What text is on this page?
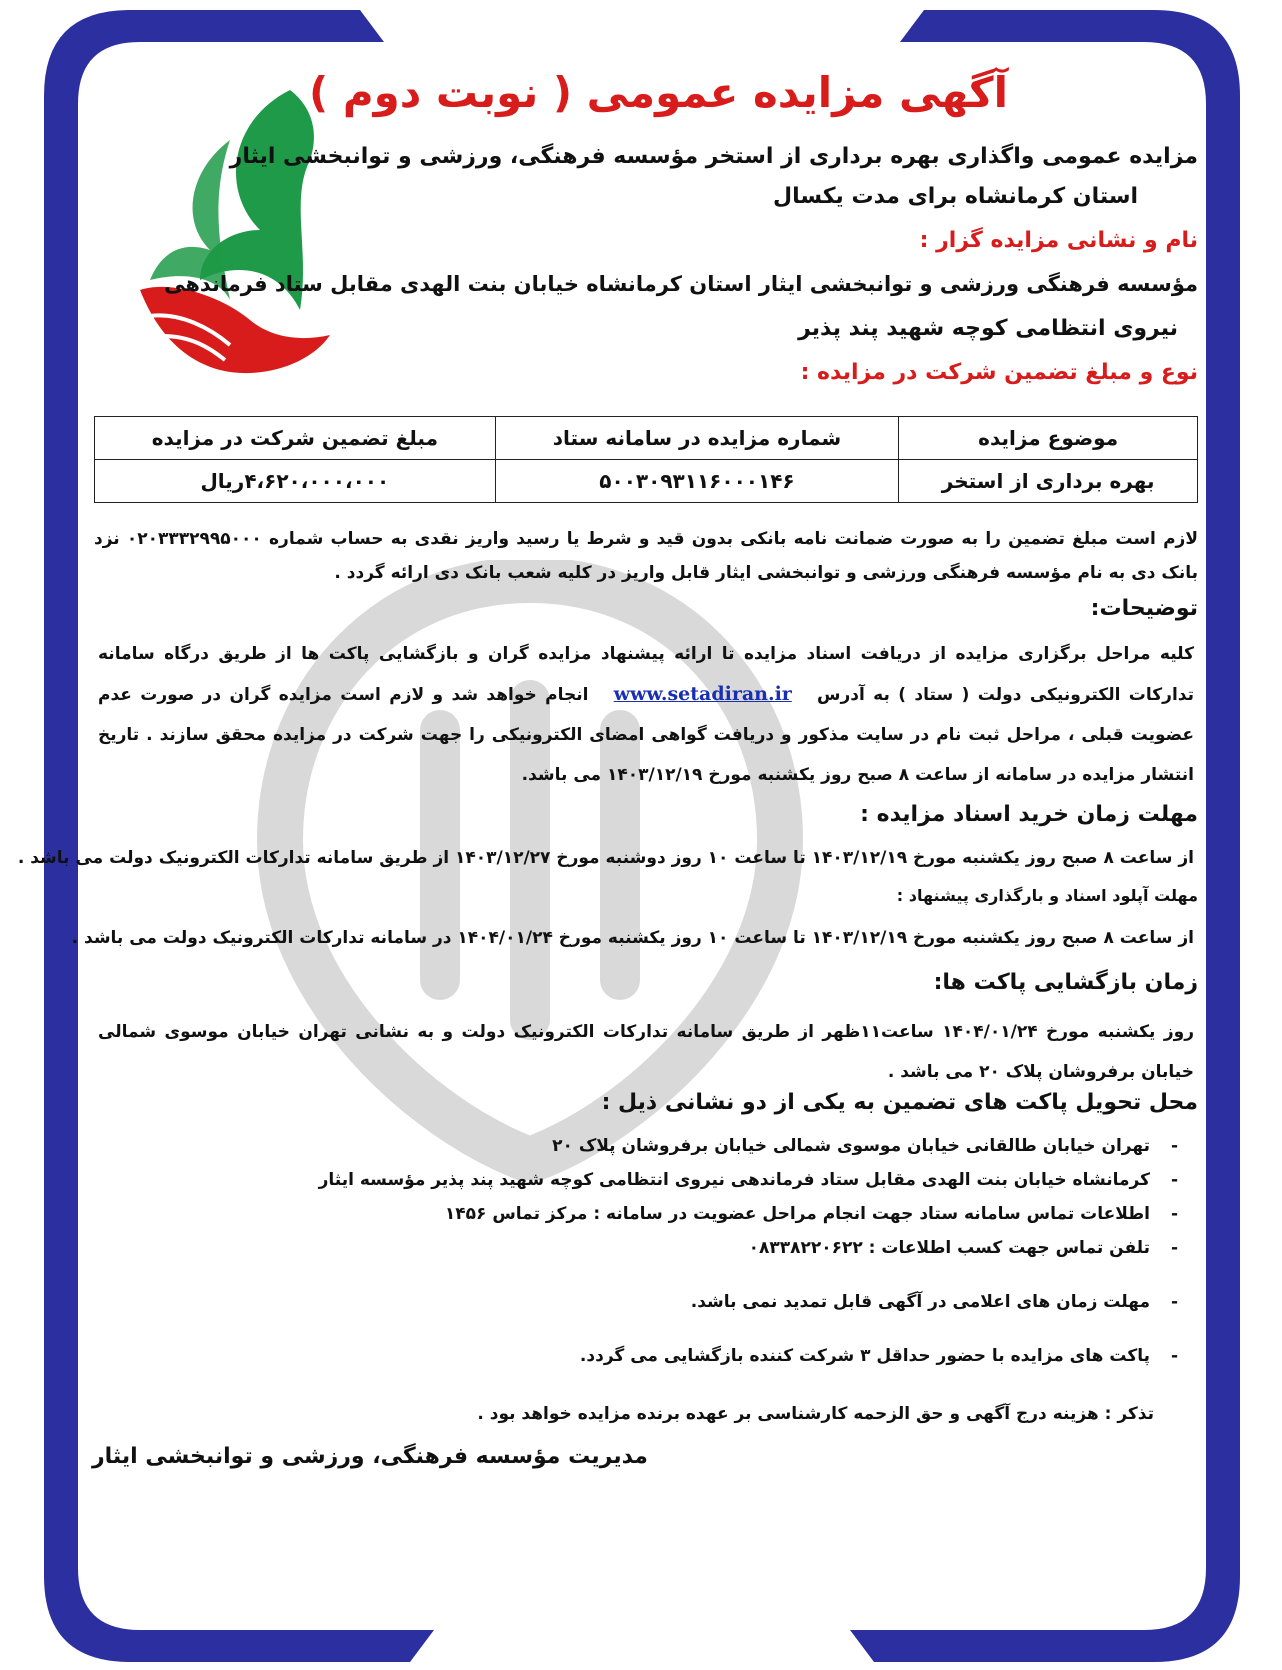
آگهی مزایده عمومی ( نوبت دوم )
مزایده عمومی واگذاری بهره برداری از استخر مؤسسه فرهنگی، ورزشی و توانبخشی ایثار
استان کرمانشاه برای مدت یکسال
نام و نشانی مزایده گزار :
مؤسسه فرهنگی ورزشی و توانبخشی ایثار استان کرمانشاه خیابان بنت الهدی مقابل ستاد فرماندهی
نیروی انتظامی کوچه شهید پند پذیر
نوع و مبلغ تضمین شرکت در مزایده :
موضوع مزایده	شماره مزایده در سامانه ستاد	مبلغ تضمین شرکت در مزایده
بهره برداری از استخر	۵۰۰۳۰۹۳۱۱۶۰۰۰۱۴۶	۴،۶۲۰،۰۰۰،۰۰۰ریال
لازم است مبلغ تضمین را به صورت ضمانت نامه بانکی بدون قید و شرط یا رسید واریز نقدی به حساب شماره ۰۲۰۳۳۳۲۹۹۵۰۰۰ نزد بانک دی به نام مؤسسه فرهنگی ورزشی و توانبخشی ایثار قابل واریز در کلیه شعب بانک دی ارائه گردد .
توضیحات:
کلیه مراحل برگزاری مزایده از دریافت اسناد مزایده تا ارائه پیشنهاد مزایده گران و بازگشایی پاکت ها از طریق درگاه سامانه تدارکات الکترونیکی دولت ( ستاد ) به آدرس   www.setadiran.ir   انجام خواهد شد و لازم است مزایده گران در صورت عدم عضویت قبلی ، مراحل ثبت نام در سایت مذکور و دریافت گواهی امضای الکترونیکی را جهت شرکت در مزایده محقق سازند . تاریخ انتشار مزایده در سامانه از ساعت ۸ صبح روز یکشنبه مورخ ۱۴۰۳/۱۲/۱۹ می باشد.
مهلت زمان خرید اسناد مزایده :
از ساعت ۸ صبح روز یکشنبه مورخ ۱۴۰۳/۱۲/۱۹ تا ساعت ۱۰ روز دوشنبه مورخ ۱۴۰۳/۱۲/۲۷ از طریق سامانه تدارکات الکترونیک دولت می باشد .
مهلت آپلود اسناد و بارگذاری پیشنهاد :
از ساعت ۸ صبح روز یکشنبه مورخ ۱۴۰۳/۱۲/۱۹ تا ساعت ۱۰ روز یکشنبه مورخ ۱۴۰۴/۰۱/۲۴ در سامانه تدارکات الکترونیک دولت می باشد .
زمان بازگشایی پاکت ها:
روز یکشنبه مورخ ۱۴۰۴/۰۱/۲۴ ساعت۱۱ظهر از طریق سامانه تدارکات الکترونیک دولت و به نشانی تهران خیابان موسوی شمالی خیابان برفروشان پلاک ۲۰ می باشد .
محل تحویل پاکت های تضمین به یکی از دو نشانی ذیل :
- تهران خیابان طالقانی خیابان موسوی شمالی خیابان برفروشان پلاک ۲۰
- کرمانشاه خیابان بنت الهدی مقابل ستاد فرماندهی نیروی انتظامی کوچه شهید پند پذیر مؤسسه ایثار
- اطلاعات تماس سامانه ستاد جهت انجام مراحل عضویت در سامانه : مرکز تماس ۱۴۵۶
- تلفن تماس جهت کسب اطلاعات : ۰۸۳۳۸۲۲۰۶۲۲
- مهلت زمان های اعلامی در آگهی قابل تمدید نمی باشد.
- پاکت های مزایده با حضور حداقل ۳ شرکت کننده بازگشایی می گردد.
تذکر : هزینه درج آگهی و حق الزحمه کارشناسی بر عهده برنده مزایده خواهد بود .
مدیریت مؤسسه فرهنگی، ورزشی و توانبخشی ایثار
